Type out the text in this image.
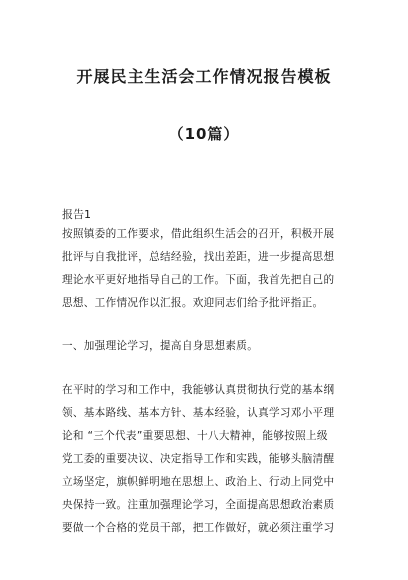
开展民主生活会工作情况报告模板
（10篇）
报告1
按照镇委的工作要求，借此组织生活会的召开，积极开展
批评与自我批评，总结经验，找出差距，进一步提高思想
理论水平更好地指导自己的工作。下面，我首先把自己的
思想、工作情况作以汇报。欢迎同志们给予批评指正。
一、加强理论学习，提高自身思想素质。
在平时的学习和工作中，我能够认真贯彻执行党的基本纲
领、基本路线、基本方针、基本经验，认真学习邓小平理
论和 “三个代表”重要思想、十八大精神，能够按照上级
党工委的重要决议、决定指导工作和实践，能够头脑清醒
立场坚定，旗帜鲜明地在思想上、政治上、行动上同党中
央保持一致。注重加强理论学习，全面提高思想政治素质
要做一个合格的党员干部，把工作做好，就必须注重学习
